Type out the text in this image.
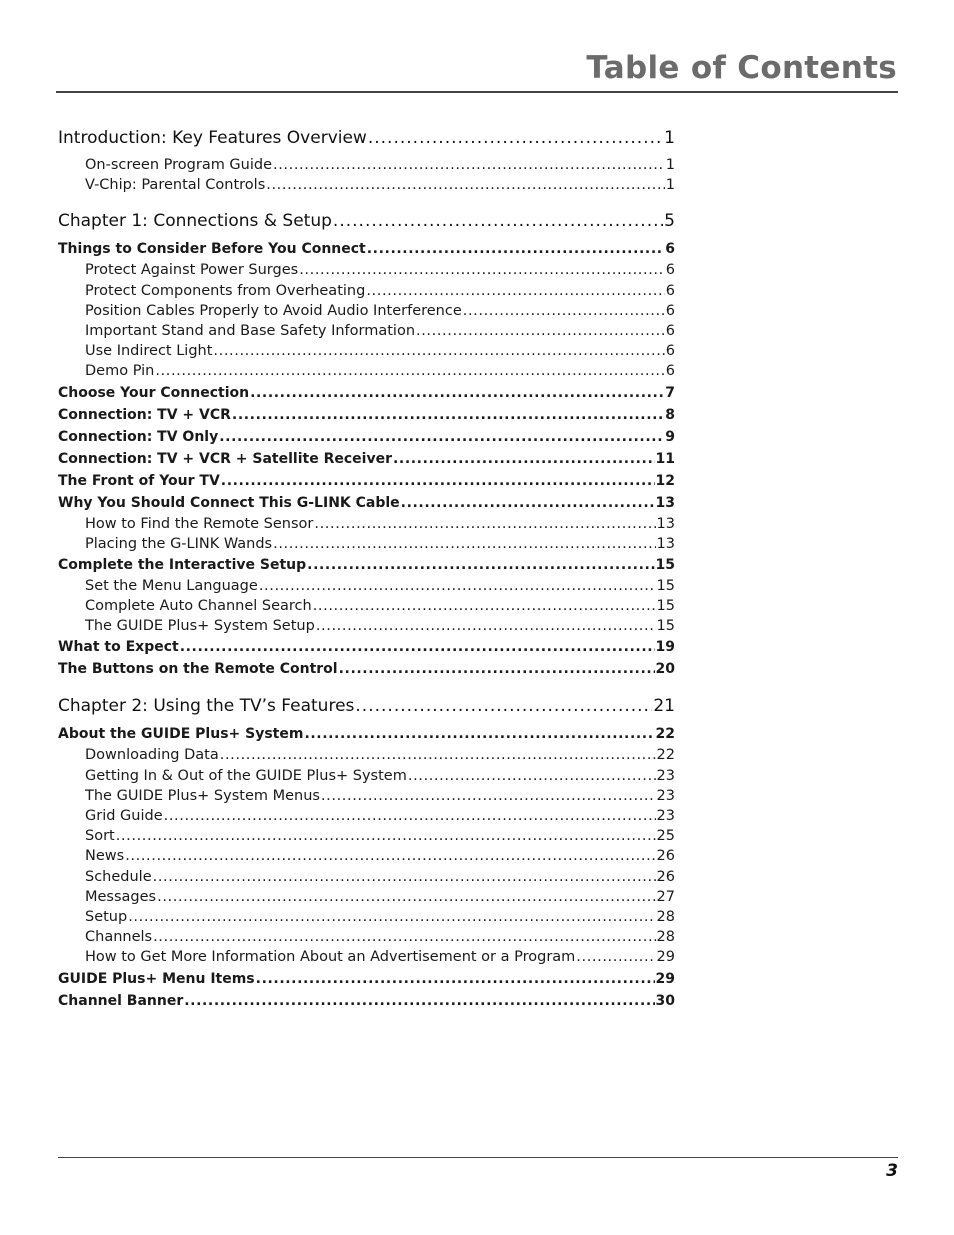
Table of Contents
Introduction: Key Features Overview .....	1
On-screen Program Guide .....	1
V-Chip: Parental Controls .....	1
Chapter 1: Connections & Setup .....	5
Things to Consider Before You Connect .....	6
Protect Against Power Surges .....	6
Protect Components from Overheating .....	6
Position Cables Properly to Avoid Audio Interference .....	6
Important Stand and Base Safety Information .....	6
Use Indirect Light .....	6
Demo Pin .....	6
Choose Your Connection .....	7
Connection: TV + VCR .....	8
Connection: TV Only .....	9
Connection: TV + VCR + Satellite Receiver .....	11
The Front of Your TV .....	12
Why You Should Connect This G-LINK Cable .....	13
How to Find the Remote Sensor .....	13
Placing the G-LINK Wands .....	13
Complete the Interactive Setup .....	15
Set the Menu Language .....	15
Complete Auto Channel Search .....	15
The GUIDE Plus+ System Setup .....	15
What to Expect .....	19
The Buttons on the Remote Control .....	20
Chapter 2: Using the TV’s Features .....	21
About the GUIDE Plus+ System .....	22
Downloading Data .....	22
Getting In & Out of the GUIDE Plus+ System .....	23
The GUIDE Plus+ System Menus .....	23
Grid Guide .....	23
Sort .....	25
News .....	26
Schedule .....	26
Messages .....	27
Setup .....	28
Channels .....	28
How to Get More Information About an Advertisement or a Program .....	29
GUIDE Plus+ Menu Items .....	29
Channel Banner .....	30
3
